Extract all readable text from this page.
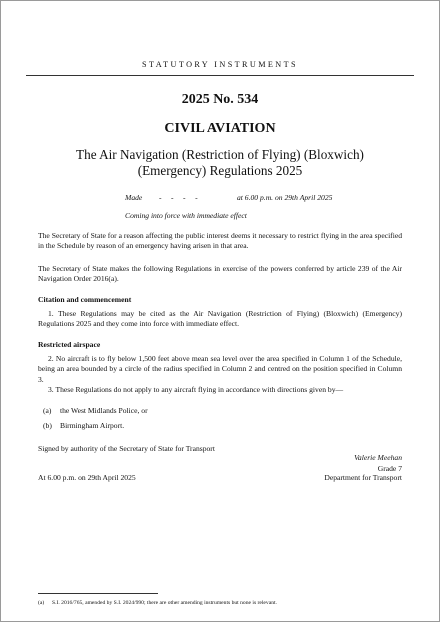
STATUTORY INSTRUMENTS
2025 No. 534
CIVIL AVIATION
The Air Navigation (Restriction of Flying) (Bloxwich) (Emergency) Regulations 2025
Made -     -     -     -	at 6.00 p.m. on 29th April 2025
Coming into force with immediate effect
The Secretary of State for a reason affecting the public interest deems it necessary to restrict flying in the area specified in the Schedule by reason of an emergency having arisen in that area.
The Secretary of State makes the following Regulations in exercise of the powers conferred by article 239 of the Air Navigation Order 2016(a).
Citation and commencement
1. These Regulations may be cited as the Air Navigation (Restriction of Flying) (Bloxwich) (Emergency) Regulations 2025 and they come into force with immediate effect.
Restricted airspace
2. No aircraft is to fly below 1,500 feet above mean sea level over the area specified in Column 1 of the Schedule, being an area bounded by a circle of the radius specified in Column 2 and centred on the position specified in Column 3.
3. These Regulations do not apply to any aircraft flying in accordance with directions given by—
(a) the West Midlands Police, or
(b) Birmingham Airport.
Signed by authority of the Secretary of State for Transport
Valerie Meehan
Grade 7
At 6.00 p.m. on 29th April 2025	Department for Transport
(a) S.I. 2016/765, amended by S.I. 2024/990; there are other amending instruments but none is relevant.
